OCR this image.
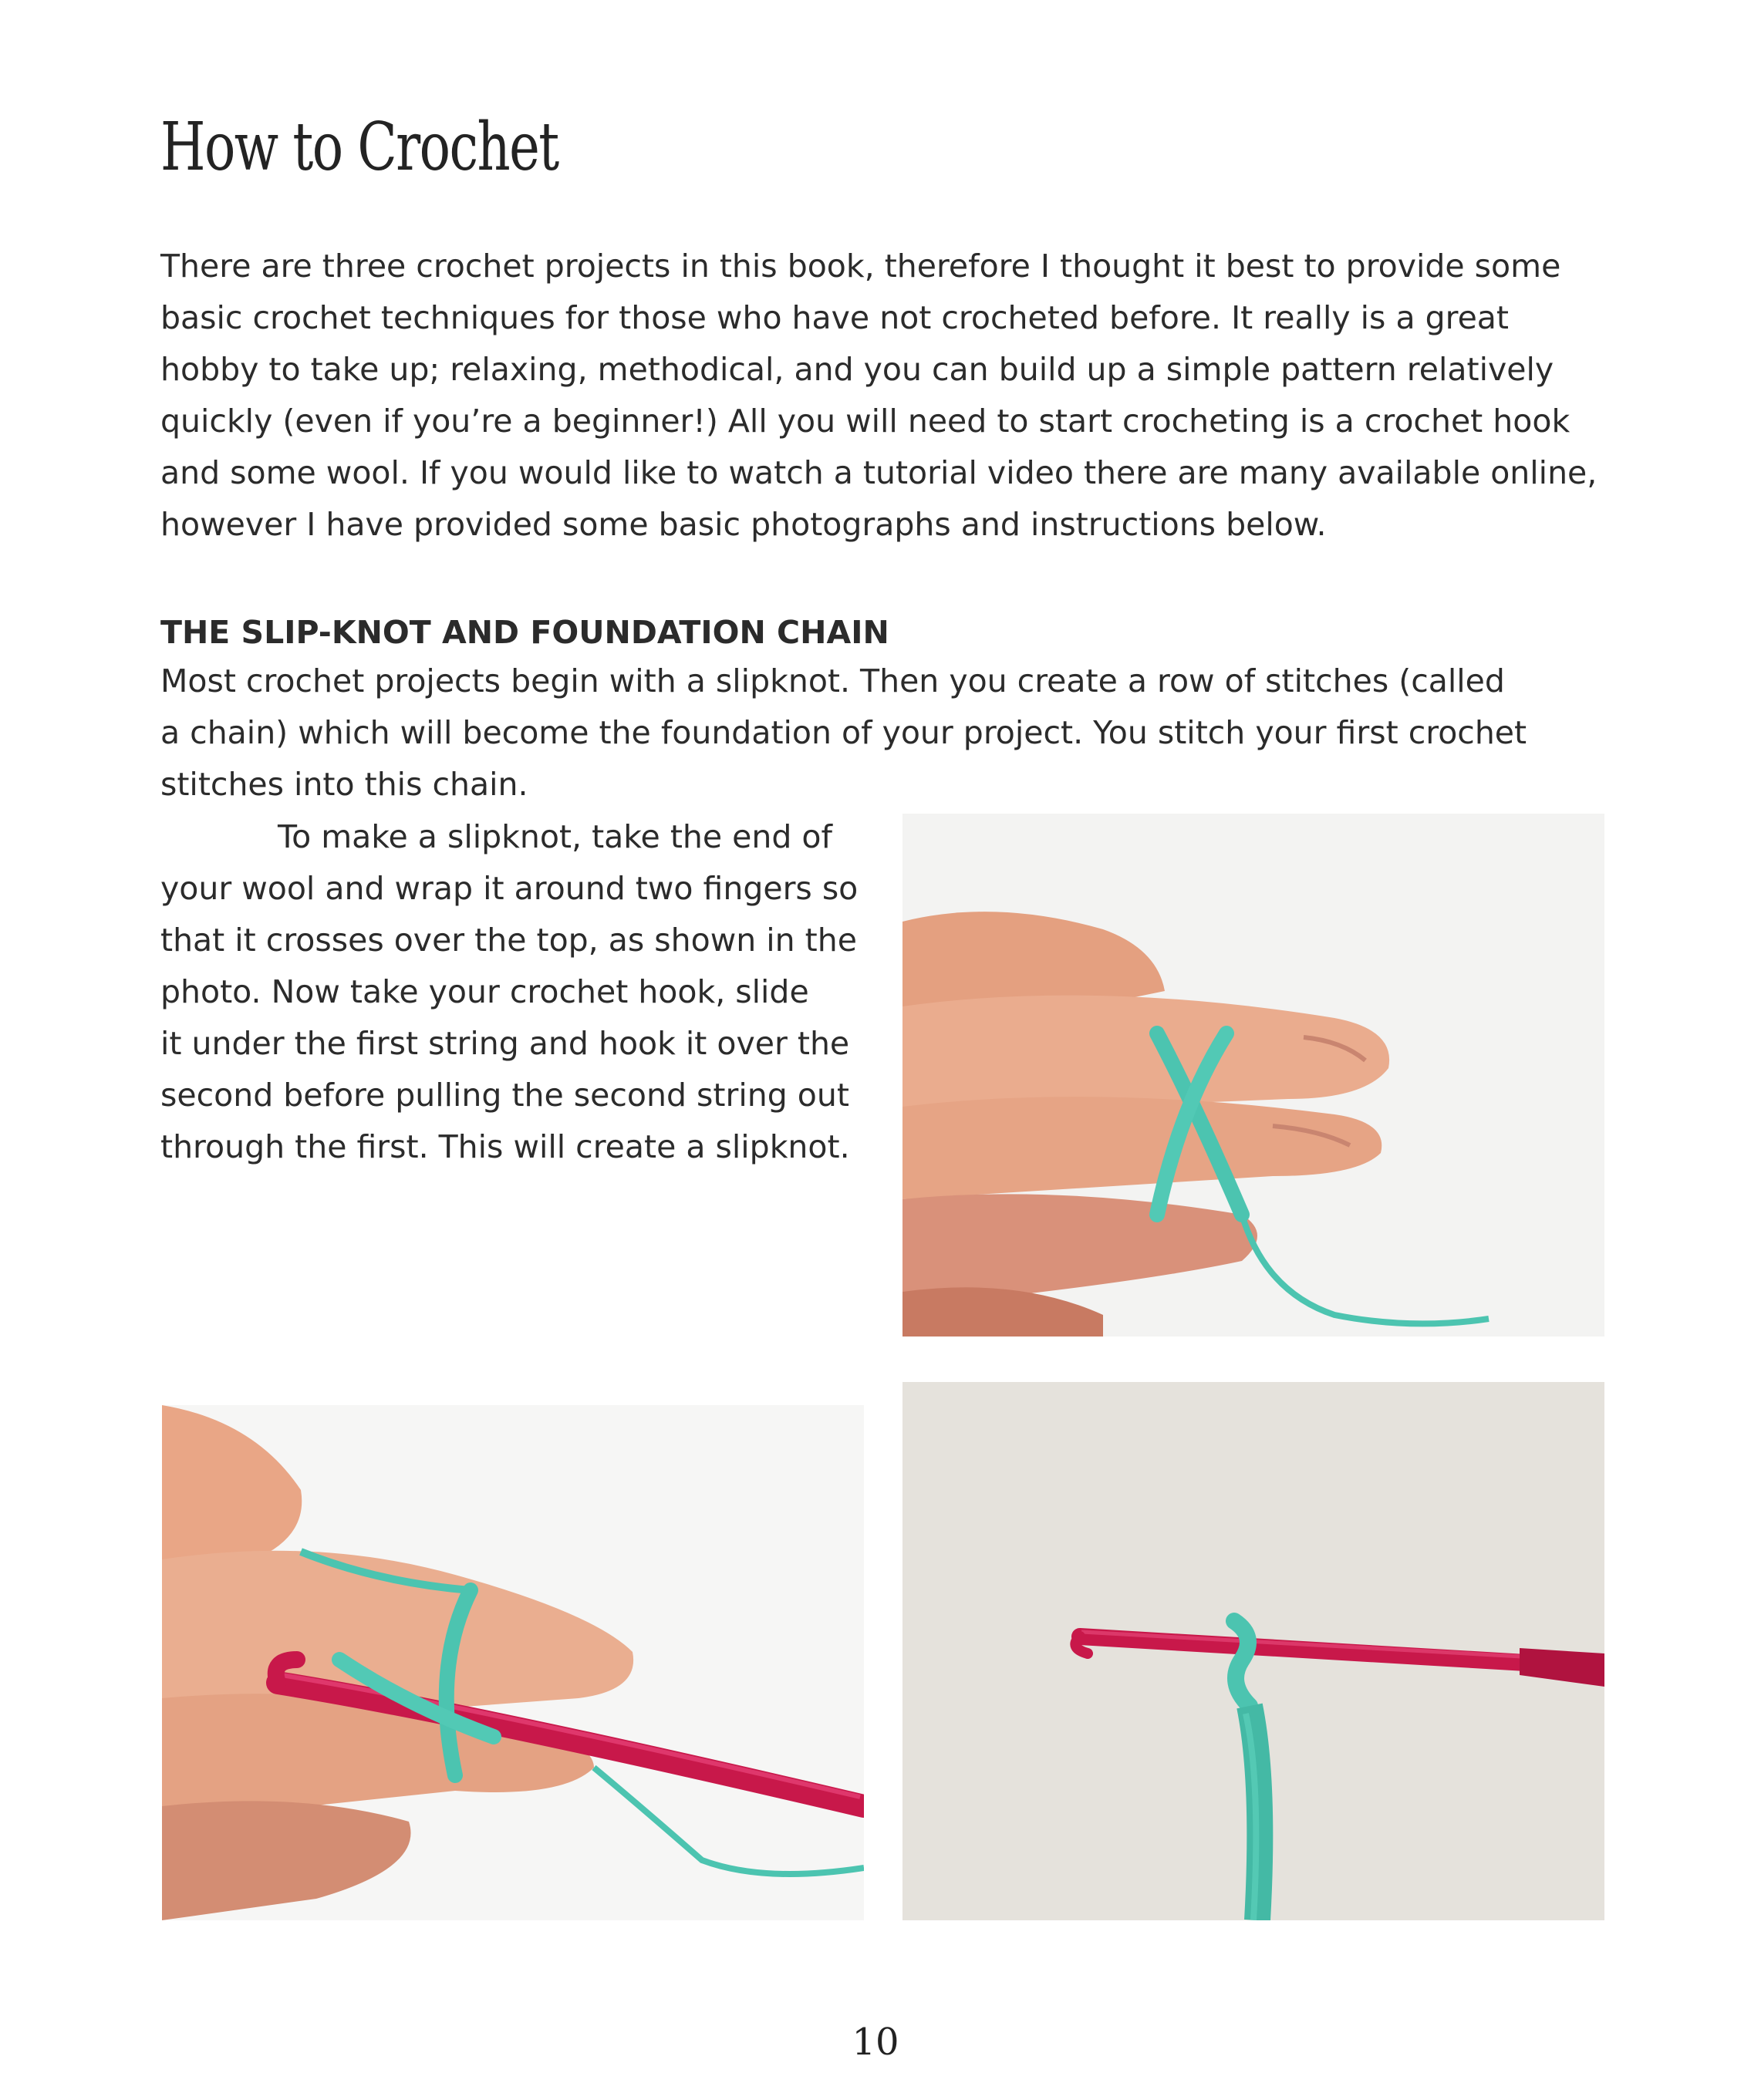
How to Crochet
There are three crochet projects in this book, therefore I thought it best to provide some
basic crochet techniques for those who have not crocheted before. It really is a great
hobby to take up; relaxing, methodical, and you can build up a simple pattern relatively
quickly (even if you’re a beginner!) All you will need to start crocheting is a crochet hook
and some wool. If you would like to watch a tutorial video there are many available online,
however I have provided some basic photographs and instructions below.
THE SLIP-KNOT AND FOUNDATION CHAIN
Most crochet projects begin with a slipknot. Then you create a row of stitches (called
a chain) which will become the foundation of your project. You stitch your first crochet
stitches into this chain.
To make a slipknot, take the end of
your wool and wrap it around two fingers so
that it crosses over the top, as shown in the
photo. Now take your crochet hook, slide
it under the first string and hook it over the
second before pulling the second string out
through the first. This will create a slipknot.

10
